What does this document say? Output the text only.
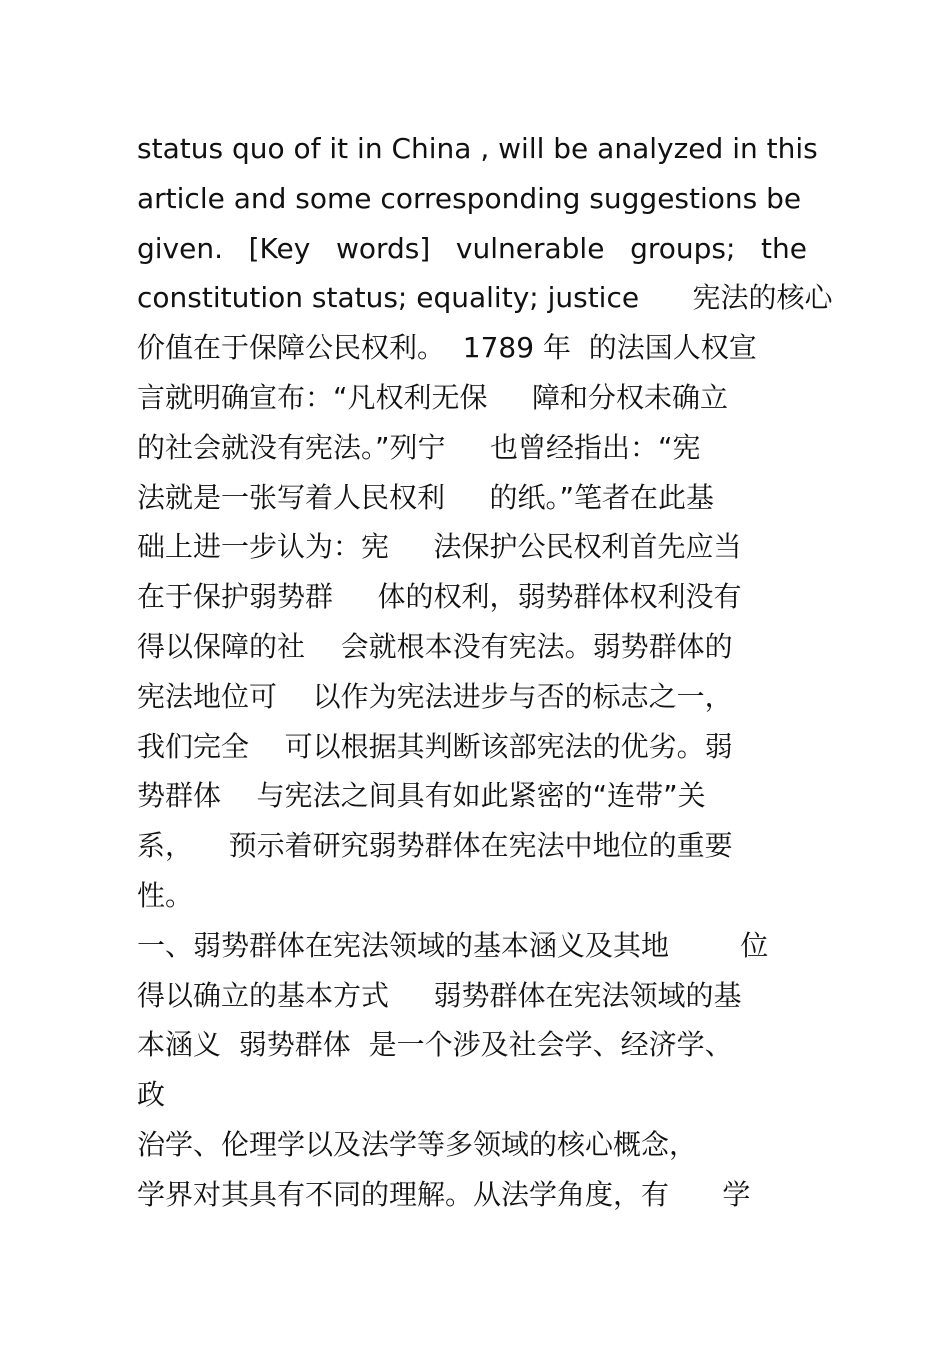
status quo of it in China , will be analyzed in this
article and some corresponding suggestions be
given. [Key words] vulnerable groups; the
constitution status; equality; justice      宪法的核心
价值在于保障公民权利。  1789 年  的法国人权宣
言就明确宣布：“凡权利无保     障和分权未确立
的社会就没有宪法。”列宁     也曾经指出：“宪
法就是一张写着人民权利     的纸。”笔者在此基
础上进一步认为：宪     法保护公民权利首先应当
在于保护弱势群     体的权利，弱势群体权利没有
得以保障的社    会就根本没有宪法。弱势群体的
宪法地位可    以作为宪法进步与否的标志之一，
我们完全    可以根据其判断该部宪法的优劣。弱
势群体    与宪法之间具有如此紧密的“连带”关
系，    预示着研究弱势群体在宪法中地位的重要
性。
一、弱势群体在宪法领域的基本涵义及其地        位
得以确立的基本方式     弱势群体在宪法领域的基
本涵义  弱势群体  是一个涉及社会学、经济学、
政
治学、伦理学以及法学等多领域的核心概念，
学界对其具有不同的理解。从法学角度，有      学
